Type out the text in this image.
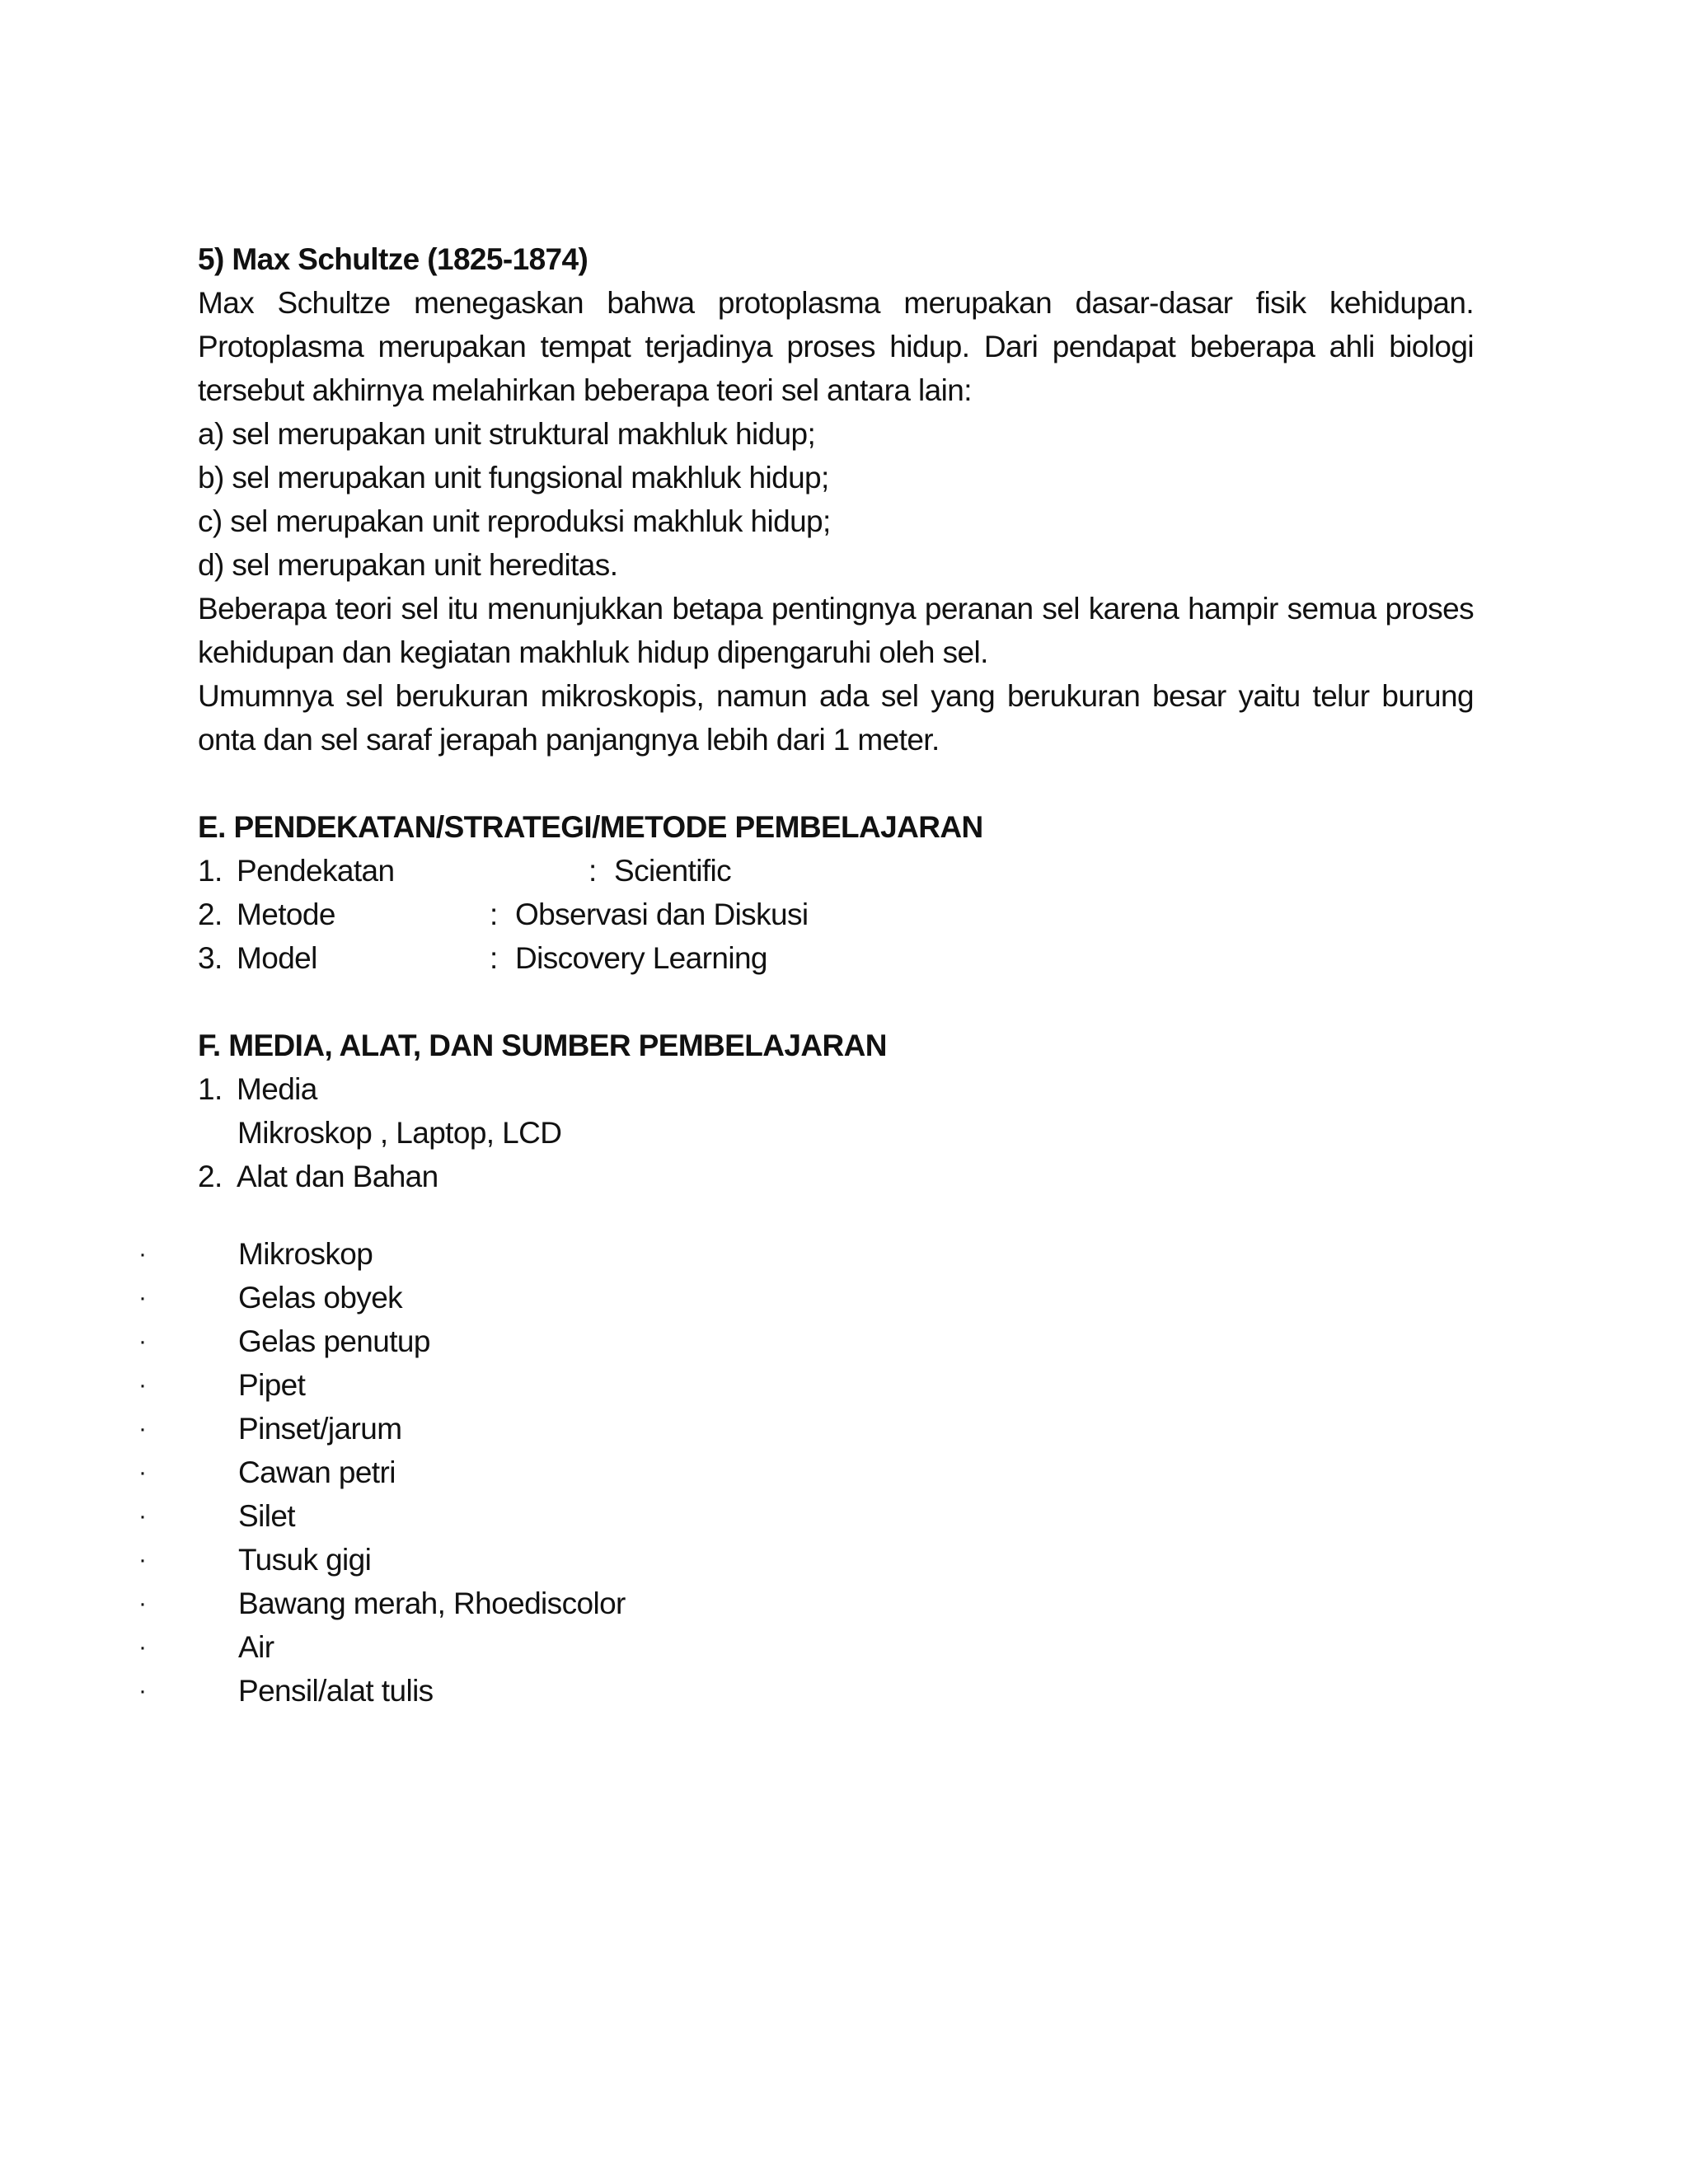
5) Max Schultze (1825-1874)

Max Schultze menegaskan bahwa protoplasma merupakan dasar-dasar fisik kehidupan. Protoplasma merupakan tempat terjadinya proses hidup. Dari pendapat beberapa ahli biologi tersebut akhirnya melahirkan beberapa teori sel antara lain:

a) sel merupakan unit struktural makhluk hidup;

b) sel merupakan unit fungsional makhluk hidup;

c) sel merupakan unit reproduksi makhluk hidup;

d) sel merupakan unit hereditas.

Beberapa teori sel itu menunjukkan betapa pentingnya peranan sel karena hampir semua proses kehidupan dan kegiatan makhluk hidup dipengaruhi oleh sel.

Umumnya sel berukuran mikroskopis, namun ada sel yang berukuran besar yaitu telur burung onta dan sel saraf jerapah panjangnya lebih dari 1 meter.

E. PENDEKATAN/STRATEGI/METODE PEMBELAJARAN

1. Pendekatan	: Scientific
2. Metode	: Observasi dan Diskusi
3. Model	: Discovery Learning

F. MEDIA, ALAT, DAN SUMBER PEMBELAJARAN

1. Media

Mikroskop , Laptop, LCD

2. Alat dan Bahan
·	Mikroskop
·	Gelas obyek
·	Gelas penutup
·	Pipet
·	Pinset/jarum
·	Cawan petri
·	Silet
·	Tusuk gigi
·	Bawang merah, Rhoediscolor
·	Air
·	Pensil/alat tulis
